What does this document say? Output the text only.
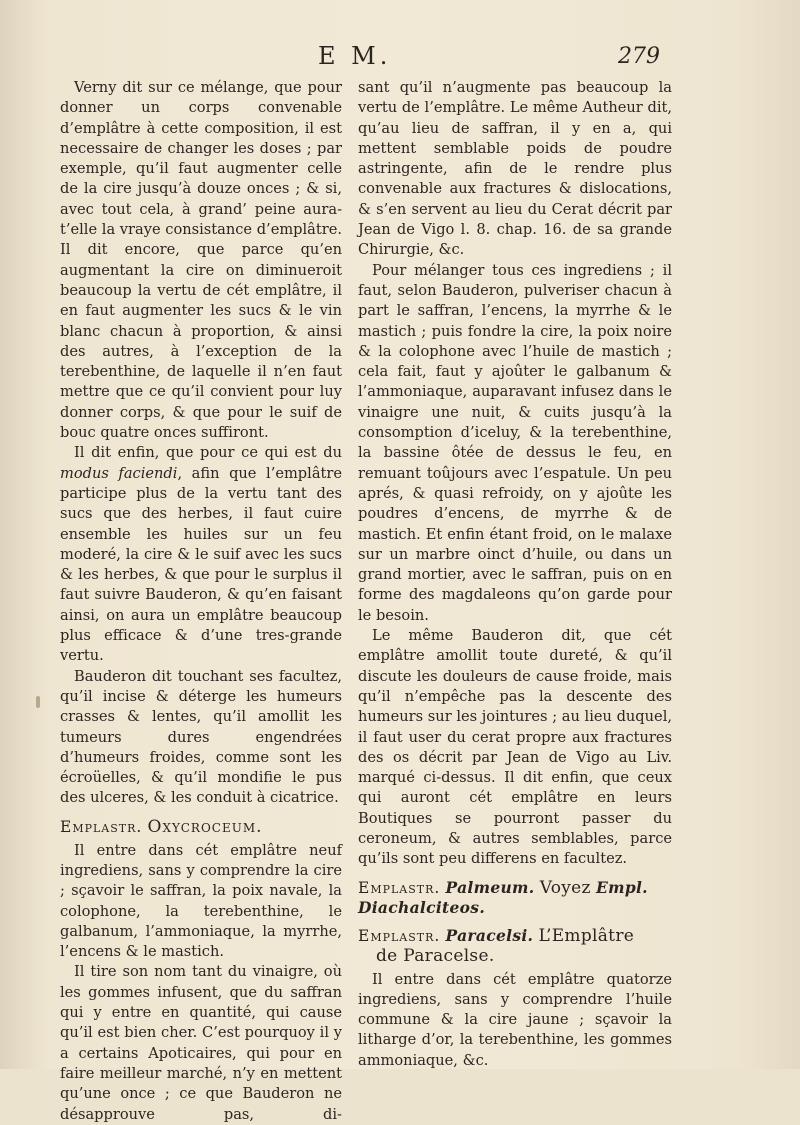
E M.	279

Verny dit sur ce mélange, que pour donner un corps convenable d’emplâtre à cette composition, il est necessaire de changer les doses ; par exemple, qu’il faut augmenter celle de la cire jusqu’à douze onces ; & si, avec tout cela, à grand’ peine aura-t’elle la vraye consistance d’emplâtre. Il dit encore, que parce qu’en augmentant la cire on diminueroit beaucoup la vertu de cét emplâtre, il en faut augmenter les sucs & le vin blanc chacun à proportion, & ainsi des autres, à l’exception de la terebenthine, de laquelle il n’en faut mettre que ce qu’il convient pour luy donner corps, & que pour le suif de bouc quatre onces suffiront.

Il dit enfin, que pour ce qui est du modus faciendi, afin que l’emplâtre participe plus de la vertu tant des sucs que des herbes, il faut cuire ensemble les huiles sur un feu moderé, la cire & le suif avec les sucs & les herbes, & que pour le surplus il faut suivre Bauderon, & qu’en faisant ainsi, on aura un emplâtre beaucoup plus efficace & d’une tres-grande vertu.

Bauderon dit touchant ses facultez, qu’il incise & déterge les humeurs crasses & lentes, qu’il amollit les tumeurs dures engendrées d’humeurs froides, comme sont les écroüelles, & qu’il mondifie le pus des ulceres, & les conduit à cicatrice.

Emplastr. Oxycroceum.

Il entre dans cét emplâtre neuf ingrediens, sans y comprendre la cire ; sçavoir le saffran, la poix navale, la colophone, la terebenthine, le galbanum, l’ammoniaque, la myrrhe, l’encens & le mastich.

Il tire son nom tant du vinaigre, où les gommes infusent, que du saffran qui y entre en quantité, qui cause qu’il est bien cher. C’est pourquoy il y a certains Apoticaires, qui pour en faire meilleur marché, n’y en mettent qu’une once ; ce que Bauderon ne désapprouve pas, di-

sant qu’il n’augmente pas beaucoup la vertu de l’emplâtre. Le même Autheur dit, qu’au lieu de saffran, il y en a, qui mettent semblable poids de poudre astringente, afin de le rendre plus convenable aux fractures & dislocations, & s’en servent au lieu du Cerat décrit par Jean de Vigo l. 8. chap. 16. de sa grande Chirurgie, &c.

Pour mélanger tous ces ingrediens ; il faut, selon Bauderon, pulveriser chacun à part le saffran, l’encens, la myrrhe & le mastich ; puis fondre la cire, la poix noire & la colophone avec l’huile de mastich ; cela fait, faut y ajoûter le galbanum & l’ammoniaque, auparavant infusez dans le vinaigre une nuit, & cuits jusqu’à la consomption d’iceluy, & la terebenthine, la bassine ôtée de dessus le feu, en remuant toûjours avec l’espatule. Un peu aprés, & quasi refroidy, on y ajoûte les poudres d’encens, de myrrhe & de mastich. Et enfin étant froid, on le malaxe sur un marbre oinct d’huile, ou dans un grand mortier, avec le saffran, puis on en forme des magdaleons qu’on garde pour le besoin.

Le même Bauderon dit, que cét emplâtre amollit toute dureté, & qu’il discute les douleurs de cause froide, mais qu’il n’empêche pas la descente des humeurs sur les jointures ; au lieu duquel, il faut user du cerat propre aux fractures des os décrit par Jean de Vigo au Liv. marqué ci-dessus. Il dit enfin, que ceux qui auront cét emplâtre en leurs Boutiques se pourront passer du ceroneum, & autres semblables, parce qu’ils sont peu differens en facultez.

Emplastr. Palmeum. Voyez Empl. Diachalciteos.
Emplastr. Paracelsi. L’Emplâtre
de Paracelse.

Il entre dans cét emplâtre quatorze ingrediens, sans y comprendre l’huile commune & la cire jaune ; sçavoir la litharge d’or, la terebenthine, les gommes ammoniaque, &c.
